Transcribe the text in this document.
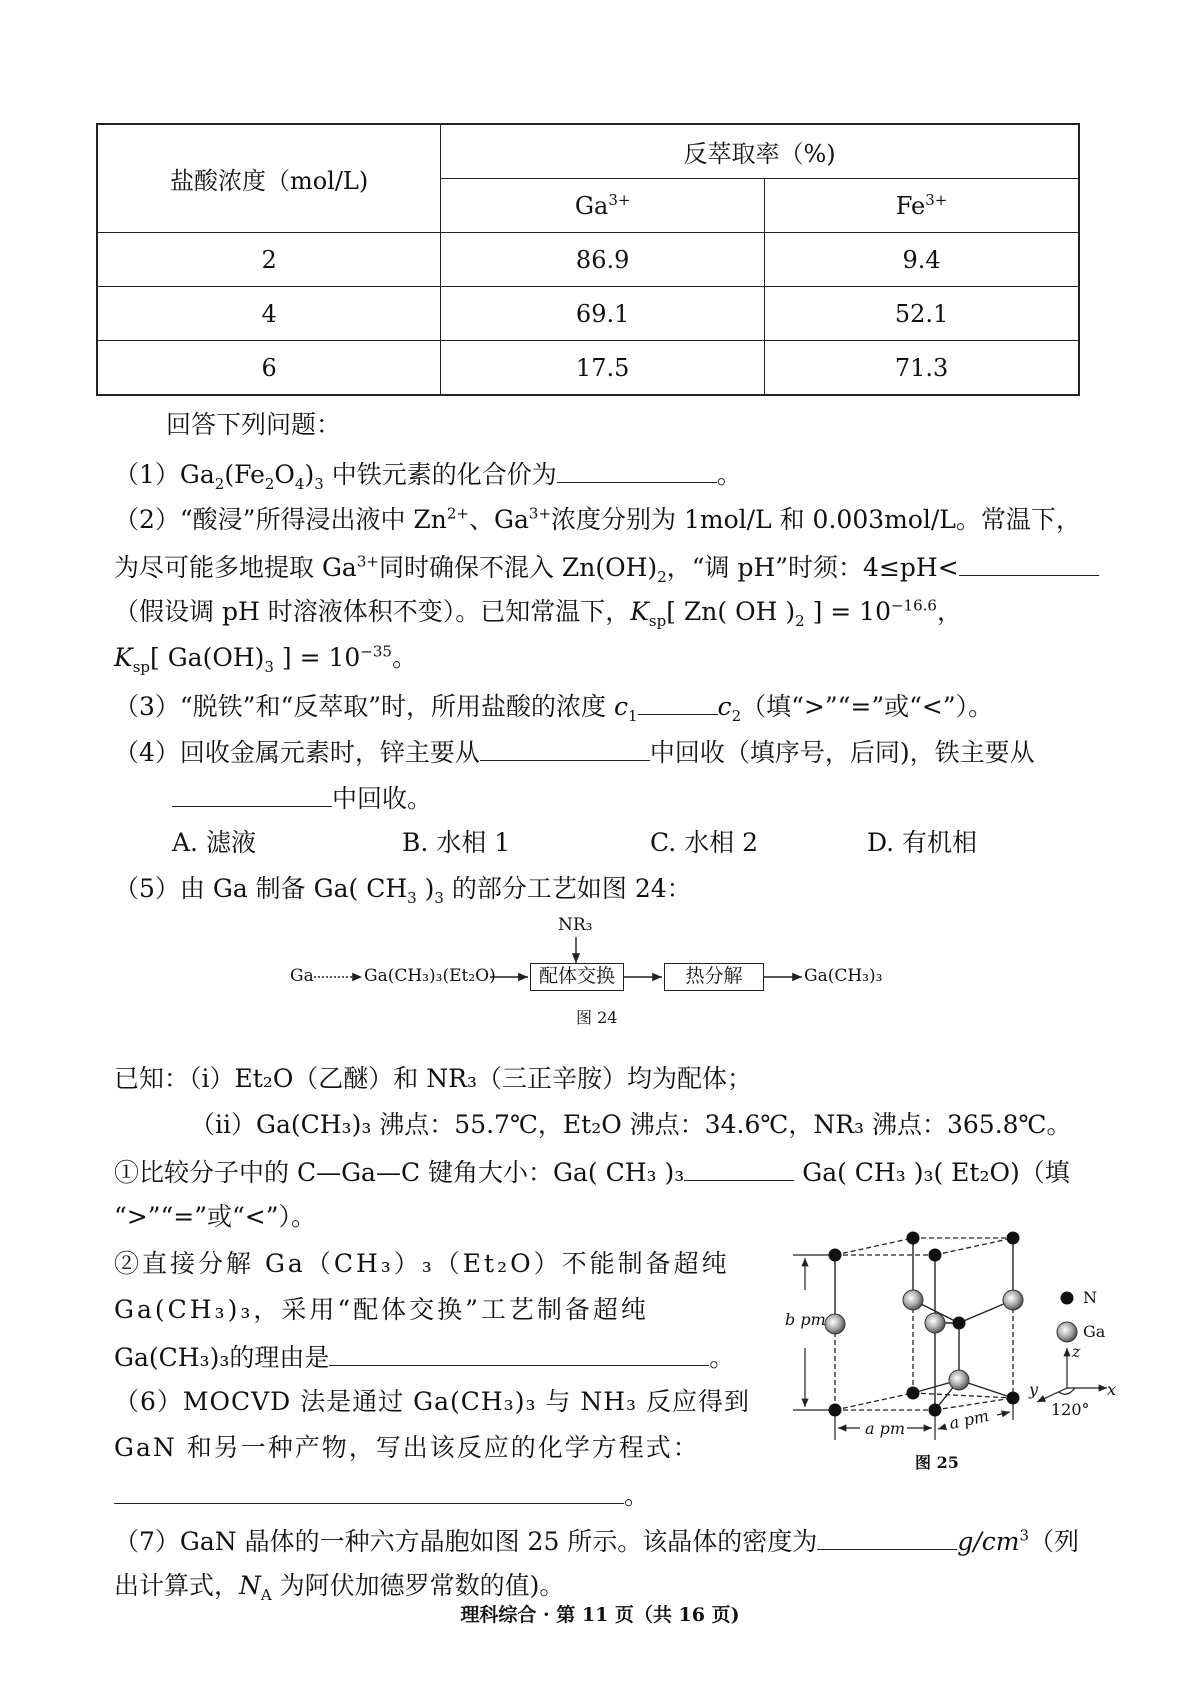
盐酸浓度（mol/L)	反萃取率（%)	
	$Ga^{3+}$	$Fe^{3+}$
2	86.9	9.4
4	69.1	52.1
6	17.5	71.3
回答下列问题：
$(1)Ga_2(Fe_2O_4)_3$ 中铁元素的化合价为	。
（2）“酸浸”所得浸出液中 $Zn^{2+}$、$Ga^{3+}$浓度分别为 1mol/L 和 0.003mol/L。常温下，
为尽可能多地提取 $Ga^{3+}$同时确保不混入 $Zn(OH)_2$，“调 pH”时须：4≤pH<
（假设调 pH 时溶液体积不变）。已知常温下，$K_{sp}$[ Zn( OH )$_2$ ] = $10^{-16.6}$，
$K_{sp}$[ $Ga(OH)_3$ ] = $10^{-35}$。
（3）“脱铁”和“反萃取”时，所用盐酸的浓度 $c_1$	$c_2$（填“>”“=”或“<”）。
（4）回收金属元素时，锌主要从	中回收（填序号，后同)，铁主要从
中回收。
A. 滤液	B. 水相 1	C. 水相 2	D. 有机相
（5）由 Ga 制备 Ga( $CH_3$ )$_3$ 的部分工艺如图 24：
Ga	Ga(CH₃)₃(Et₂O)
NR₃
配体交换	热分解	Ga(CH₃)₃
图 24
已知：（i）Et₂O（乙醚）和 NR₃（三正辛胺）均为配体；
（ii）Ga(CH₃)₃ 沸点：55.7℃，Et₂O 沸点：34.6℃，NR₃ 沸点：365.8℃。
①比较分子中的 C—Ga—C 键角大小：Ga( CH₃ )₃	Ga( CH₃ )₃( Et₂O)（填
“>”“=”或“<”）。
②直接分解 Ga（CH₃）₃（Et₂O）不能制备超纯
Ga(CH₃)₃，采用“配体交换”工艺制备超纯
Ga(CH₃)₃的理由是	。
（6）MOCVD 法是通过 Ga(CH₃)₃ 与 NH₃ 反应得到
GaN 和另一种产物，写出该反应的化学方程式：
。
b pm
a pm	a pm
N
Ga
z
x
y
120°
图 25
（7）GaN 晶体的一种六方晶胞如图 25 所示。该晶体的密度为	$g/cm^3$（列
出计算式，$N_A$ 为阿伏加德罗常数的值)。
理科综合 · 第 11 页（共 16 页)
